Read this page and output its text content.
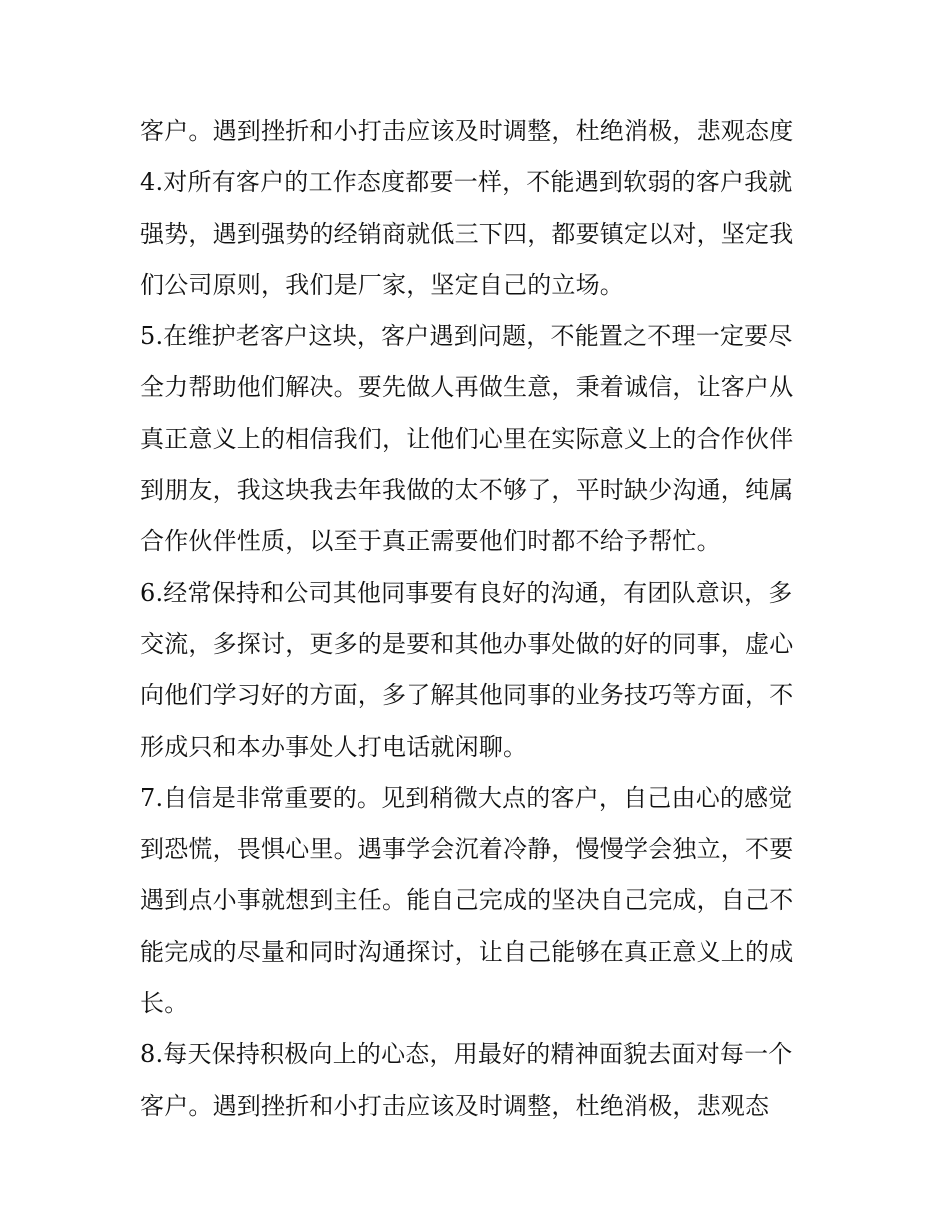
客户。遇到挫折和小打击应该及时调整，杜绝消极，悲观态度
4.对所有客户的工作态度都要一样，不能遇到软弱的客户我就
强势，遇到强势的经销商就低三下四，都要镇定以对，坚定我
们公司原则，我们是厂家，坚定自己的立场。
5.在维护老客户这块，客户遇到问题，不能置之不理一定要尽
全力帮助他们解决。要先做人再做生意，秉着诚信，让客户从
真正意义上的相信我们，让他们心里在实际意义上的合作伙伴
到朋友，我这块我去年我做的太不够了，平时缺少沟通，纯属
合作伙伴性质，以至于真正需要他们时都不给予帮忙。
6.经常保持和公司其他同事要有良好的沟通，有团队意识，多
交流，多探讨，更多的是要和其他办事处做的好的同事，虚心
向他们学习好的方面，多了解其他同事的业务技巧等方面，不
形成只和本办事处人打电话就闲聊。
7.自信是非常重要的。见到稍微大点的客户，自己由心的感觉
到恐慌，畏惧心里。遇事学会沉着冷静，慢慢学会独立，不要
遇到点小事就想到主任。能自己完成的坚决自己完成，自己不
能完成的尽量和同时沟通探讨，让自己能够在真正意义上的成
长。
8.每天保持积极向上的心态，用最好的精神面貌去面对每一个
客户。遇到挫折和小打击应该及时调整，杜绝消极，悲观态
